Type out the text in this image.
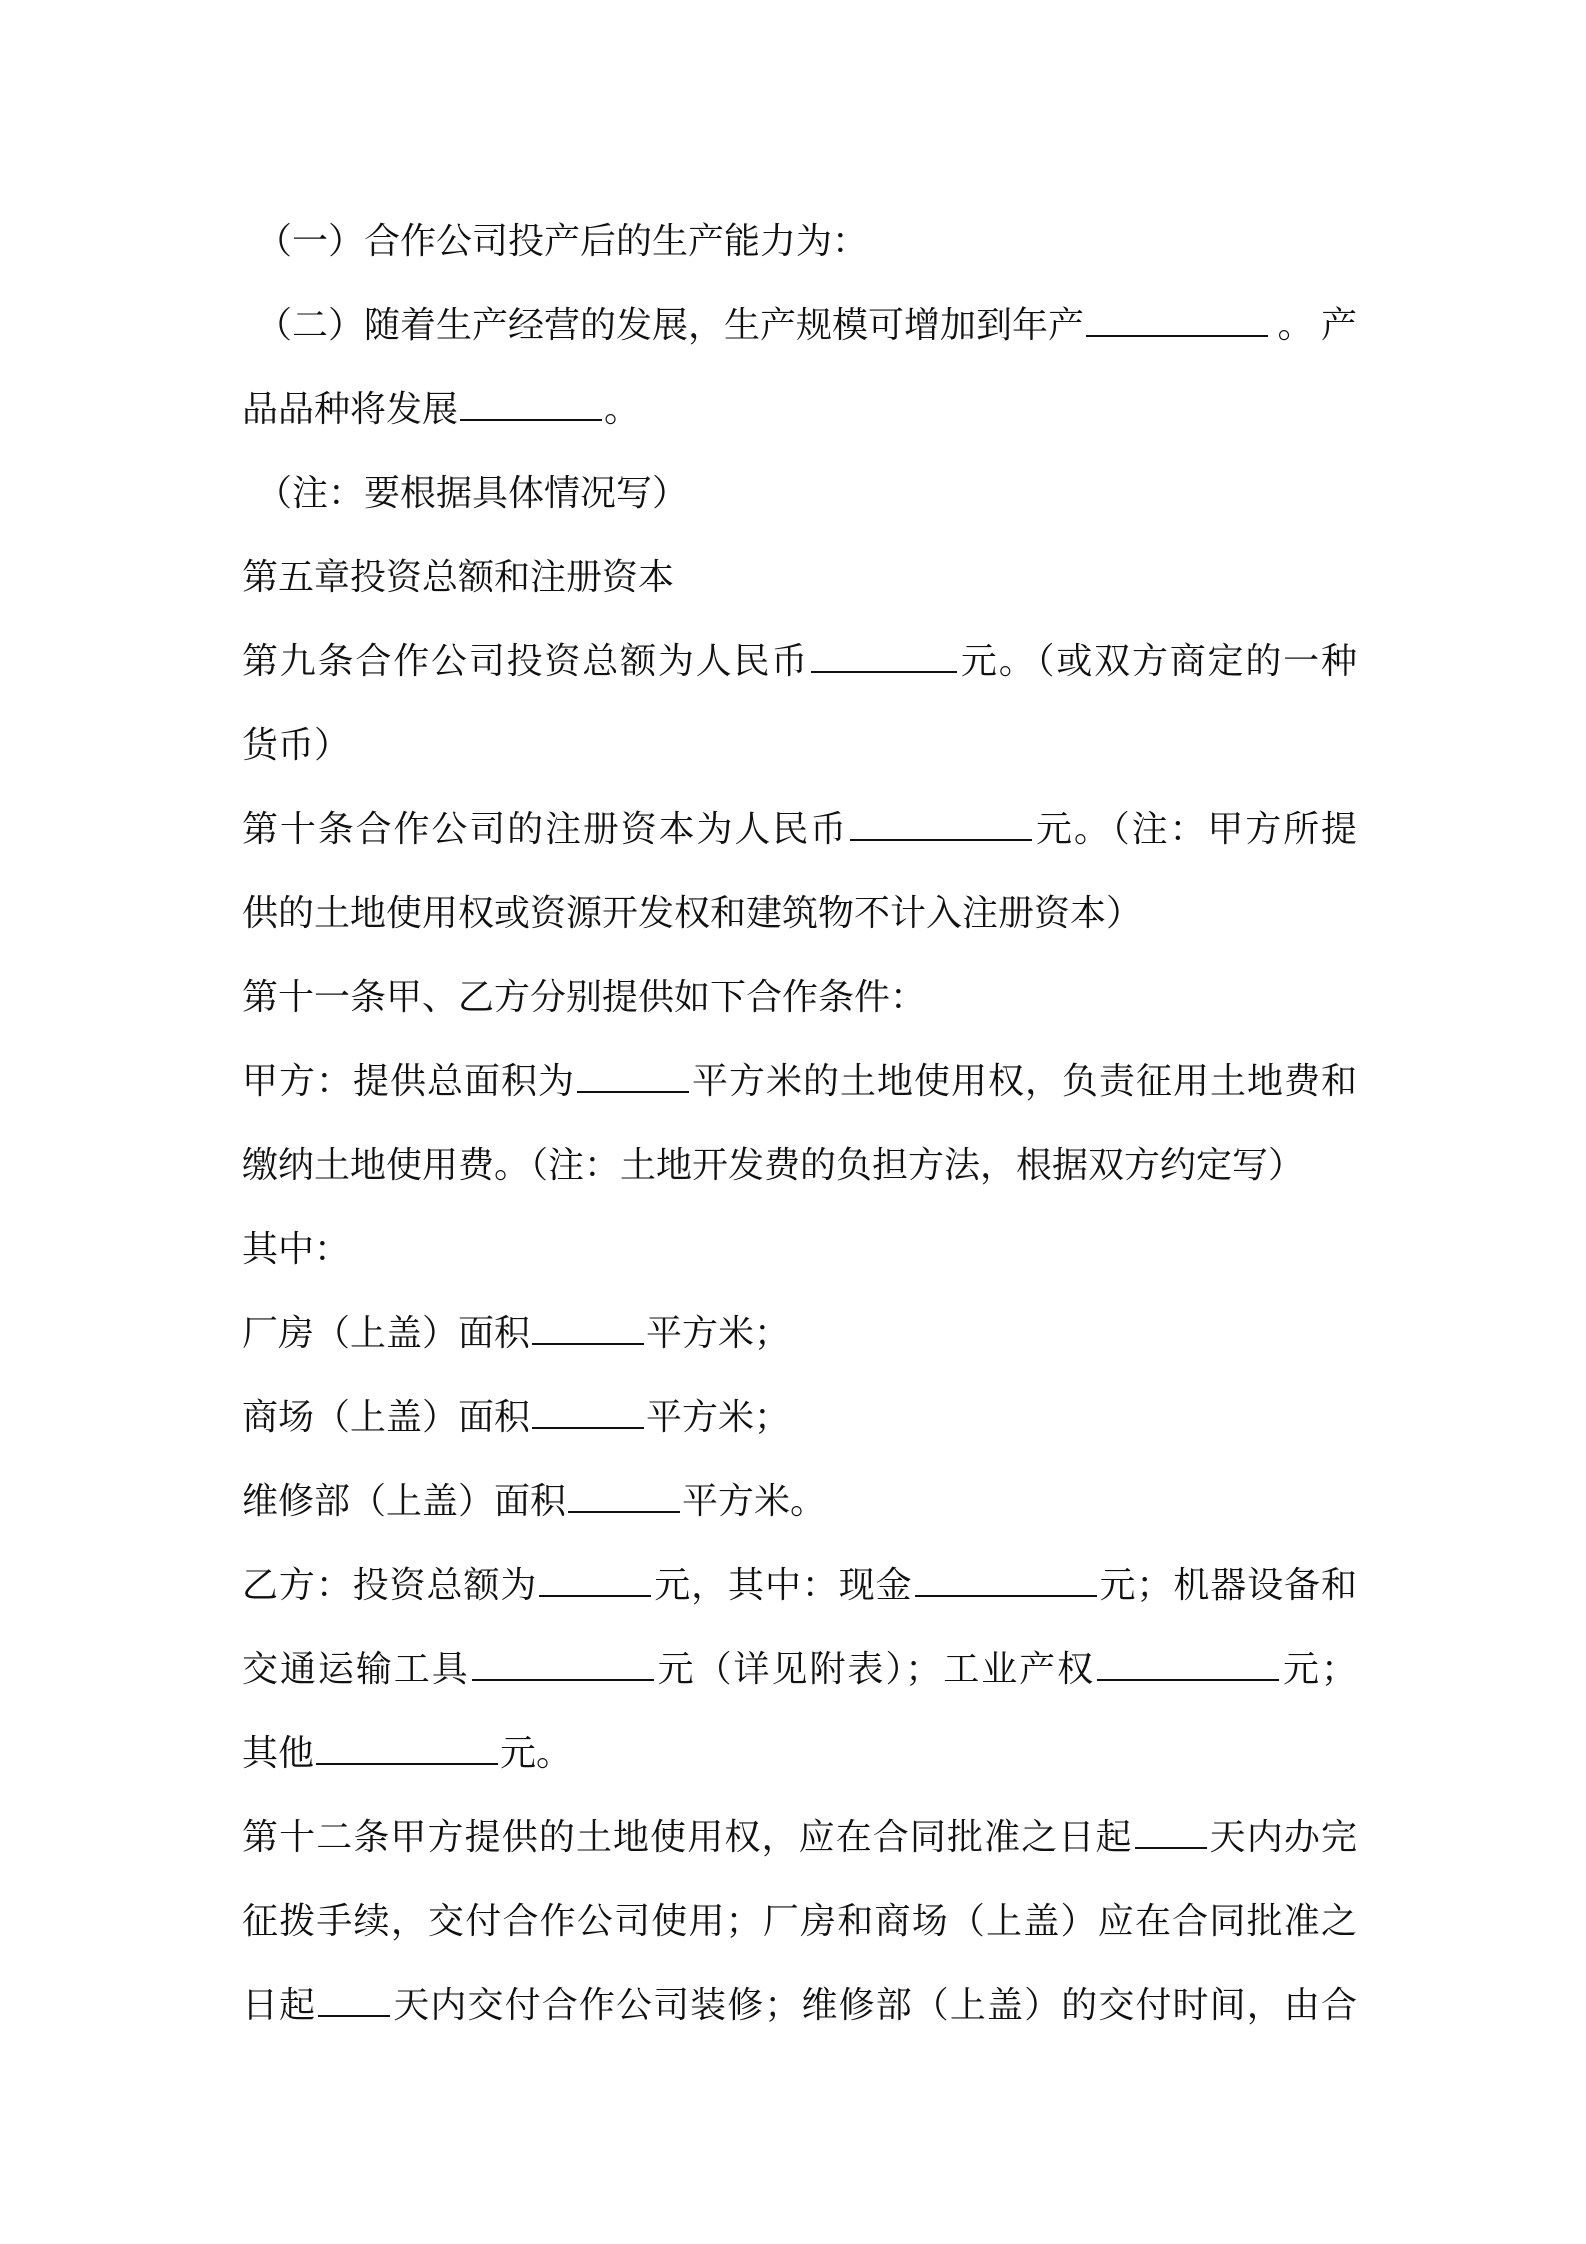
（一）合作公司投产后的生产能力为：
（二）随着生产经营的发展，生产规模可增加到年产	。产
品品种将发展	。
（注：要根据具体情况写）
第五章投资总额和注册资本
第九条合作公司投资总额为人民币	元。（或双方商定的一种
货币）
第十条合作公司的注册资本为人民币	元。（注：甲方所提
供的土地使用权或资源开发权和建筑物不计入注册资本）
第十一条甲、乙方分别提供如下合作条件：
甲方：提供总面积为	平方米的土地使用权，负责征用土地费和
缴纳土地使用费。（注：土地开发费的负担方法，根据双方约定写）
其中：
厂房（上盖）面积	平方米；
商场（上盖）面积	平方米；
维修部（上盖）面积	平方米。
乙方：投资总额为	元，其中：现金	元；机器设备和
交通运输工具	元（详见附表）；工业产权	元；
其他	元。
第十二条甲方提供的土地使用权，应在合同批准之日起 天内办完
征拨手续，交付合作公司使用；厂房和商场（上盖）应在合同批准之
日起 天内交付合作公司装修；维修部（上盖）的交付时间，由合
